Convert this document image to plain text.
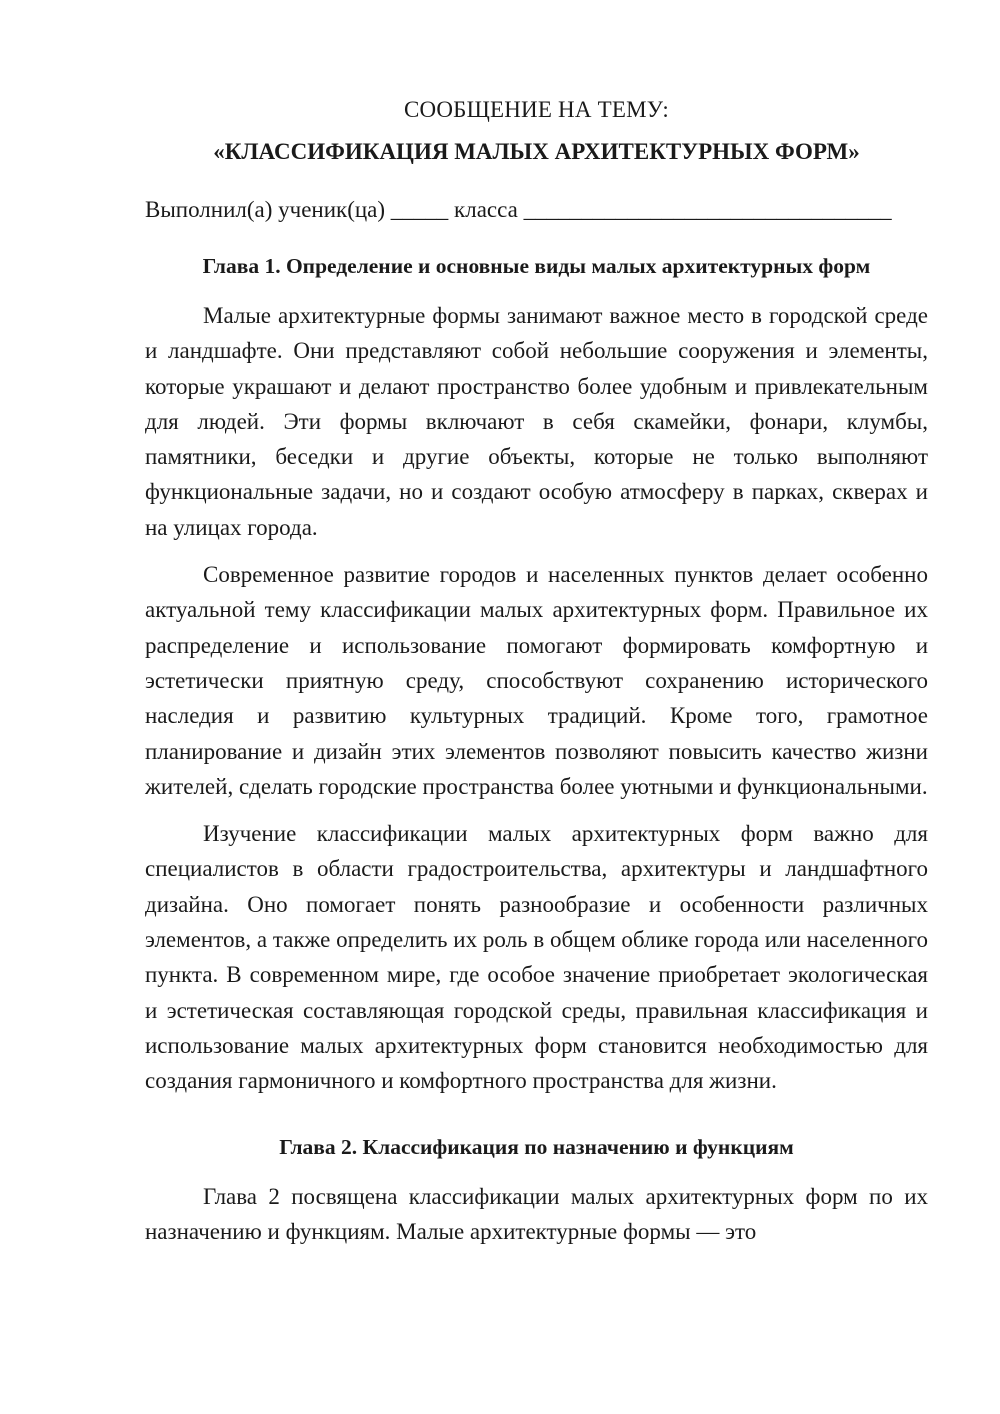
СООБЩЕНИЕ НА ТЕМУ:
«КЛАССИФИКАЦИЯ МАЛЫХ АРХИТЕКТУРНЫХ ФОРМ»

Выполнил(а) ученик(ца) _____ класса ________________________________

Глава 1. Определение и основные виды малых архитектурных форм

Малые архитектурные формы занимают важное место в городской среде и ландшафте. Они представляют собой небольшие сооружения и элементы, которые украшают и делают пространство более удобным и привлекательным для людей. Эти формы включают в себя скамейки, фонари, клумбы, памятники, беседки и другие объекты, которые не только выполняют функциональные задачи, но и создают особую атмосферу в парках, скверах и на улицах города.

Современное развитие городов и населенных пунктов делает особенно актуальной тему классификации малых архитектурных форм. Правильное их распределение и использование помогают формировать комфортную и эстетически приятную среду, способствуют сохранению исторического наследия и развитию культурных традиций. Кроме того, грамотное планирование и дизайн этих элементов позволяют повысить качество жизни жителей, сделать городские пространства более уютными и функциональными.

Изучение классификации малых архитектурных форм важно для специалистов в области градостроительства, архитектуры и ландшафтного дизайна. Оно помогает понять разнообразие и особенности различных элементов, а также определить их роль в общем облике города или населенного пункта. В современном мире, где особое значение приобретает экологическая и эстетическая составляющая городской среды, правильная классификация и использование малых архитектурных форм становится необходимостью для создания гармоничного и комфортного пространства для жизни.

Глава 2. Классификация по назначению и функциям

Глава 2 посвящена классификации малых архитектурных форм по их назначению и функциям. Малые архитектурные формы — это
